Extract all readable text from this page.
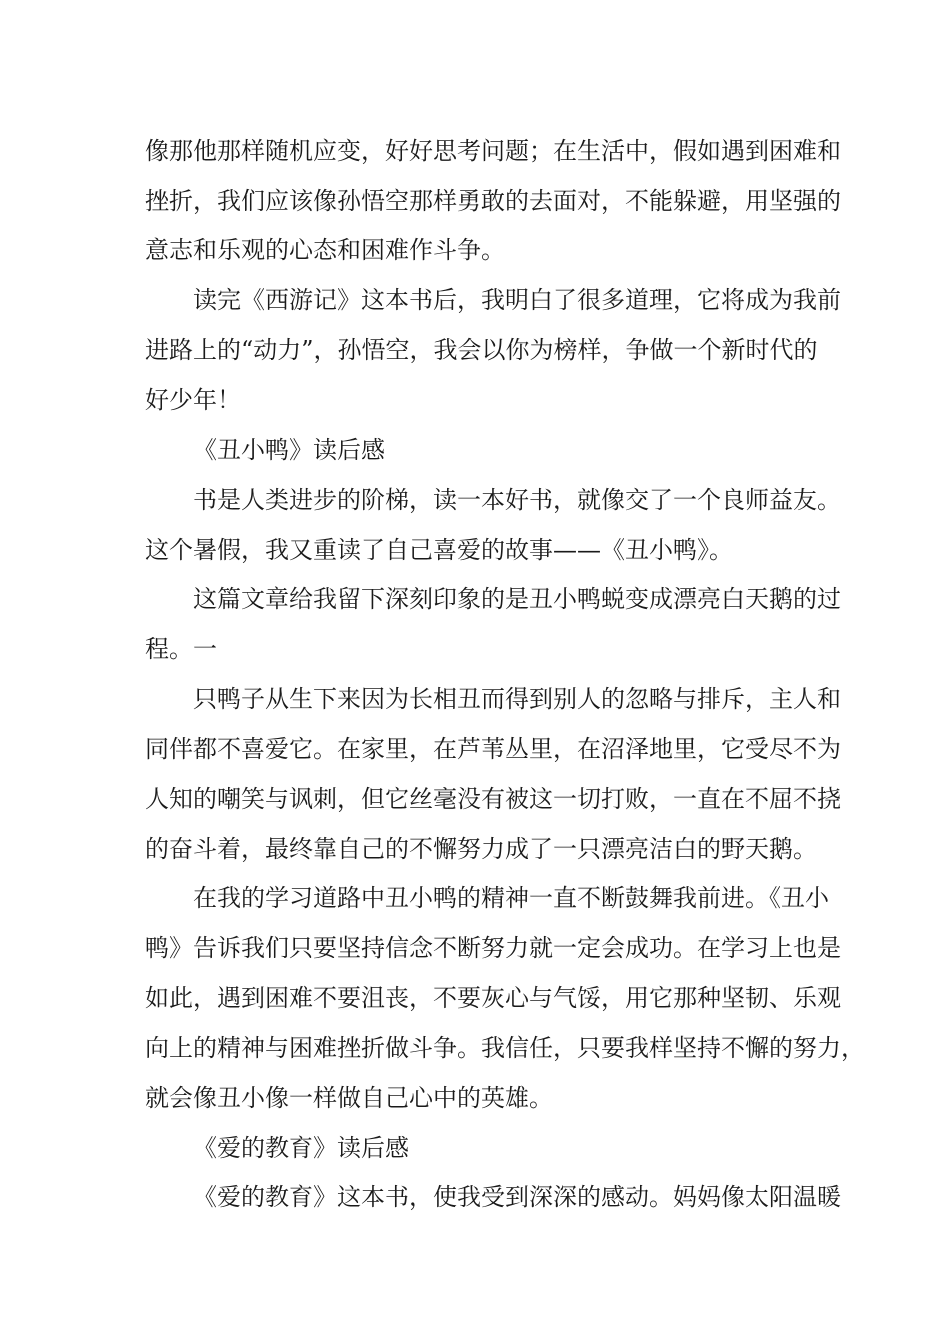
像那他那样随机应变，好好思考问题；在生活中，假如遇到困难和
挫折，我们应该像孙悟空那样勇敢的去面对，不能躲避，用坚强的
意志和乐观的心态和困难作斗争。
读完《西游记》这本书后，我明白了很多道理，它将成为我前
进路上的“动力”，孙悟空，我会以你为榜样，争做一个新时代的
好少年！
《丑小鸭》读后感
书是人类进步的阶梯，读一本好书，就像交了一个良师益友。
这个暑假，我又重读了自己喜爱的故事——《丑小鸭》。
这篇文章给我留下深刻印象的是丑小鸭蜕变成漂亮白天鹅的过
程。一
只鸭子从生下来因为长相丑而得到别人的忽略与排斥，主人和
同伴都不喜爱它。在家里，在芦苇丛里，在沼泽地里，它受尽不为
人知的嘲笑与讽刺，但它丝毫没有被这一切打败，一直在不屈不挠
的奋斗着，最终靠自己的不懈努力成了一只漂亮洁白的野天鹅。
在我的学习道路中丑小鸭的精神一直不断鼓舞我前进。《丑小
鸭》告诉我们只要坚持信念不断努力就一定会成功。在学习上也是
如此，遇到困难不要沮丧，不要灰心与气馁，用它那种坚韧、乐观
向上的精神与困难挫折做斗争。我信任，只要我样坚持不懈的努力，
就会像丑小像一样做自己心中的英雄。
《爱的教育》读后感
《爱的教育》这本书，使我受到深深的感动。妈妈像太阳温暖
